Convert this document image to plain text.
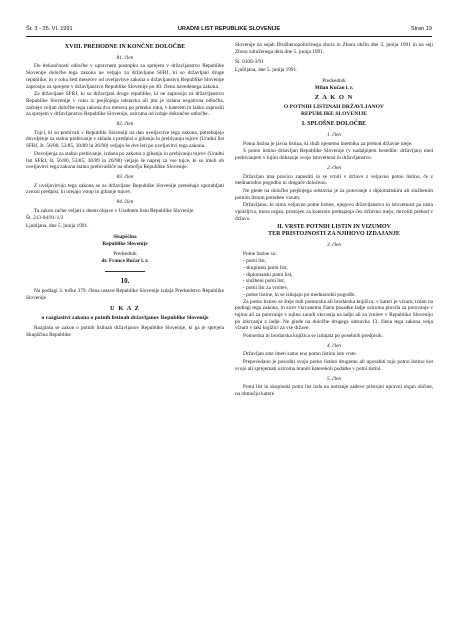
Št. 3 - 25. VI. 1991	URADNI LIST REPUBLIKE SLOVENIJE	Stran 19
XVIII. PREHODNE IN KONČNE DOLOČBE
81. člen

Do dokončnosti odločbe v upravnem postopku za sprejem v državljanstvo Republike Slovenije določbe tega zakona ne veljajo za državljane SFRJ, ki so državljani druge republike, in v roku šest mesecev od uveljavitve zakona o državljanstvu Republike Slovenije zaprosijo za sprejem v državljanstvo Republike Slovenije po 40. členu navedenega zakona.

Za državljane SFRJ, ki so državljani druge republike, ki ne zaprosijo za državljanstvo Republike Slovenije v roku iz prejšnjega odstavka ali jim je izdana negativna odločba, začnejo veljati določbe tega zakona dva meseca po preteku roka, v katerem bi lahko zaprosili za sprejem v državljanstvo Republike Slovenije, oziroma od izdaje dokončne odločbe.

82. člen

Tujci, ki so prebivali v Republiki Sloveniji na dan uveljavitve tega zakona, potrebujejo dovoljenje za stalno prebivanje v skladu s predpisi o gibanju in prebivanju tujcev (Uradni list SFRJ, št. 56/80, 53/85, 30/89 in 26/90) veljajo še dve leti po uveljavitvi tega zakona.

Dovoljenja za stalno prebivanje, izdana po zakonu o gibanju in prebivanju tujcev (Uradni list SFRJ, št. 56/80, 53/85, 30/89 in 26/90) veljajo še naprej za vse tujce, ki so imeli ob uveljavitvi tega zakona stalno prebivališče na območju Republike Slovenije.

83. člen

Z uveljavitvijo tega zakona se za državljane Republike Slovenije prenehajo uporabljati zvezni predpisi, ki urejajo vstop in gibanje tujcev.

84. člen

Ta zakon začne veljati z dnem objave v Uradnem listu Republike Slovenije.

Št. 213-04/91-1/2

Ljubljana, dne 5. junija 1991.

Skupščina
Republike Slovenije
Predsednik
dr. France Bučar l. r.
10.

Na podlagi 3. točke 379. člena ustave Republike Slovenije izdaja Predsedstvo Republike Slovenije

U K A Z
o razglasitvi zakona o potnih listinah državljanov Republike Slovenije

Razglaša se zakon o potnih listinah državljanov Republike Slovenije, ki ga je sprejela Skupščina Republike

Slovenije na sejah Družbenopolitičnega zbora in Zbora občin dne 3. junija 1991 in na seji Zbora združenega dela dne 5. junija 1991.

Št. 0100-3/91

Ljubljana, dne 5. junija 1991.

Predsednik
Milan Kučan l. r.
Z A K O N
O POTNIH LISTINAH DRŽAVLJANOV
REPUBLIKE SLOVENIJE
I. SPLOŠNE DOLOČBE
1. člen

Potna listina je javna listina, ki služi njenemu imetniku za prehod državne meje.

S potno listino državljan Republike Slovenije (v nadaljnjem besedilu: državljan) med prebivanjem v tujini dokazuje svojo istovetnost in državljanstvo.

2. člen

Državljan ima pravico zapustiti in se vrniti v državo z veljavno potno listino, če z mednarodno pogodbo ni drugače določeno.

Ne glede na določbo prejšnjega odstavka je za potovanje z diplomatskim ali službenim potnim listom potreben vizum.

Državljanu, ki nima veljavne potne listine, njegovo državljanstvo in istovetnost pa nista vprašljiva, mora organ, pristojen za kontrolo prehajanja čez državno mejo, dovoliti prehod v državo.

II. VRSTE POTNIH LISTIN IN VIZUMOV
TER PRISTOJNOSTI ZA NJIHOVO IZDAJANJE
3. člen

Potne listine so:

- potni list,
- skupinski potni list,
- diplomatski potni list,
- službeni potni list,
- potni list za vrnitev,
- potne listine, ki se izdajajo po mednarodni pogodbi.

Za potno listino se šteje tudi pomorska ali brodarska knjižica, v kateri je vizum, izdan na podlagi tega zakona, in sicer vkrcanemu članu posadke ladje oziroma plovila za potovanje v tujino ali za potovanje v tujino zaradi vkrcanja na ladjo ali za vrnitev v Republiko Slovenijo po izkrcanju z ladje. Ne glede na določbe drugega odstavka 13. člena tega zakona velja vizum v taki knjižici za vse države.

Pomorska in brodarska knjižica se izdajata po posebnih predpisih.

4. člen

Državljan sme imeti samo eno potno listino iste vrste.

Prepovedano je posoditi svojo potno listino drugemu ali uporabiti tujo potno listino kot svojo ali sprejemati oziroma hraniti katerekoli podatke v potni listini.

5. člen

Potni list in skupinski potni list izda na notranje zadeve pristojni upravni organ občine, na območju katere
